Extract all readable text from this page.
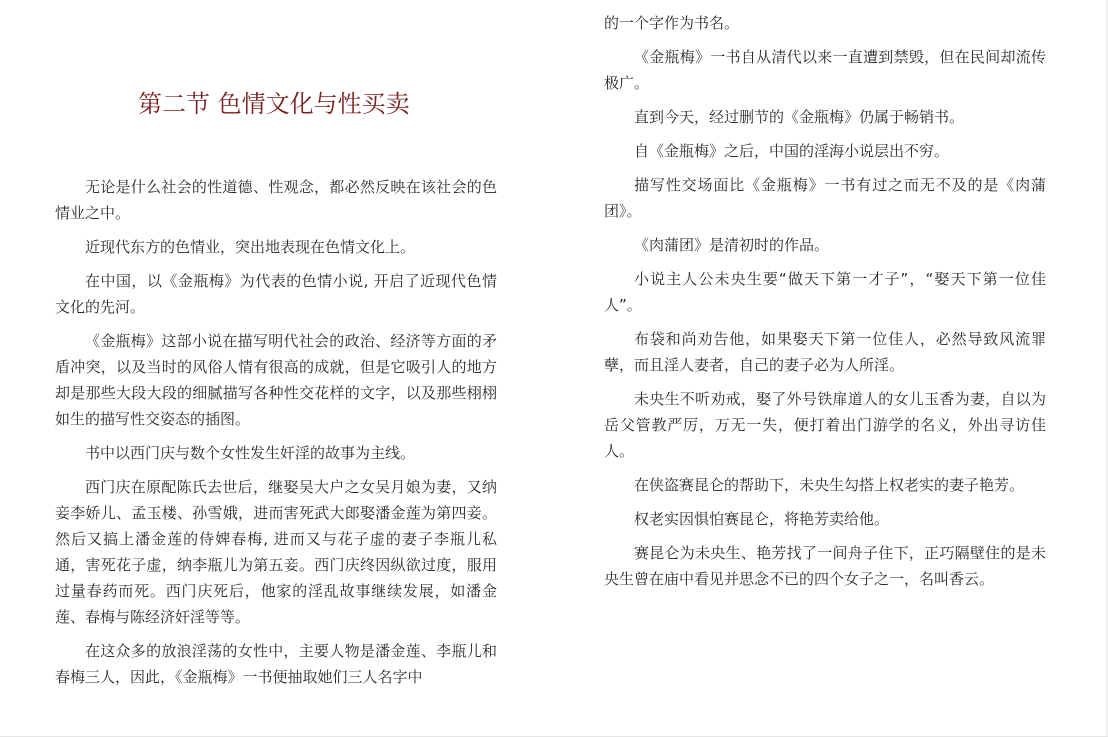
第二节 色情文化与性买卖

无论是什么社会的性道德、性观念，都必然反映在该社会的色情业之中。

近现代东方的色情业，突出地表现在色情文化上。

在中国，以《金瓶梅》为代表的色情小说, 开启了近现代色情文化的先河。

《金瓶梅》这部小说在描写明代社会的政治、经济等方面的矛盾冲突，以及当时的风俗人情有很高的成就，但是它吸引人的地方却是那些大段大段的细腻描写各种性交花样的文字，以及那些栩栩如生的描写性交姿态的插图。

书中以西门庆与数个女性发生奸淫的故事为主线。

西门庆在原配陈氏去世后，继娶吴大户之女吴月娘为妻，又纳妾李娇儿、孟玉楼、孙雪娥，进而害死武大郎娶潘金莲为第四妾。然后又搞上潘金莲的侍婢春梅, 进而又与花子虚的妻子李瓶儿私通，害死花子虚，纳李瓶儿为第五妾。西门庆终因纵欲过度，服用过量春药而死。西门庆死后，他家的淫乱故事继续发展，如潘金莲、春梅与陈经济奸淫等等。

在这众多的放浪淫荡的女性中，主要人物是潘金莲、李瓶儿和春梅三人，因此，《金瓶梅》一书便抽取她们三人名字中

的一个字作为书名。

《金瓶梅》一书自从清代以来一直遭到禁毁，但在民间却流传极广。

直到今天，经过删节的《金瓶梅》仍属于畅销书。

自《金瓶梅》之后，中国的淫海小说层出不穷。

描写性交场面比《金瓶梅》一书有过之而无不及的是《肉蒲团》。

《肉蒲团》是清初时的作品。

小说主人公未央生要“做天下第一才子”，“娶天下第一位佳人”。

布袋和尚劝告他，如果娶天下第一位佳人，必然导致风流罪孽，而且淫人妻者，自己的妻子必为人所淫。

未央生不听劝戒，娶了外号铁扉道人的女儿玉香为妻，自以为岳父管教严厉，万无一失，便打着出门游学的名义，外出寻访佳人。

在侠盗赛昆仑的帮助下，未央生勾搭上权老实的妻子艳芳。

权老实因惧怕赛昆仑，将艳芳卖给他。

赛昆仑为未央生、艳芳找了一间舟子住下，正巧隔壁住的是未央生曾在庙中看见并思念不已的四个女子之一，名叫香云。
